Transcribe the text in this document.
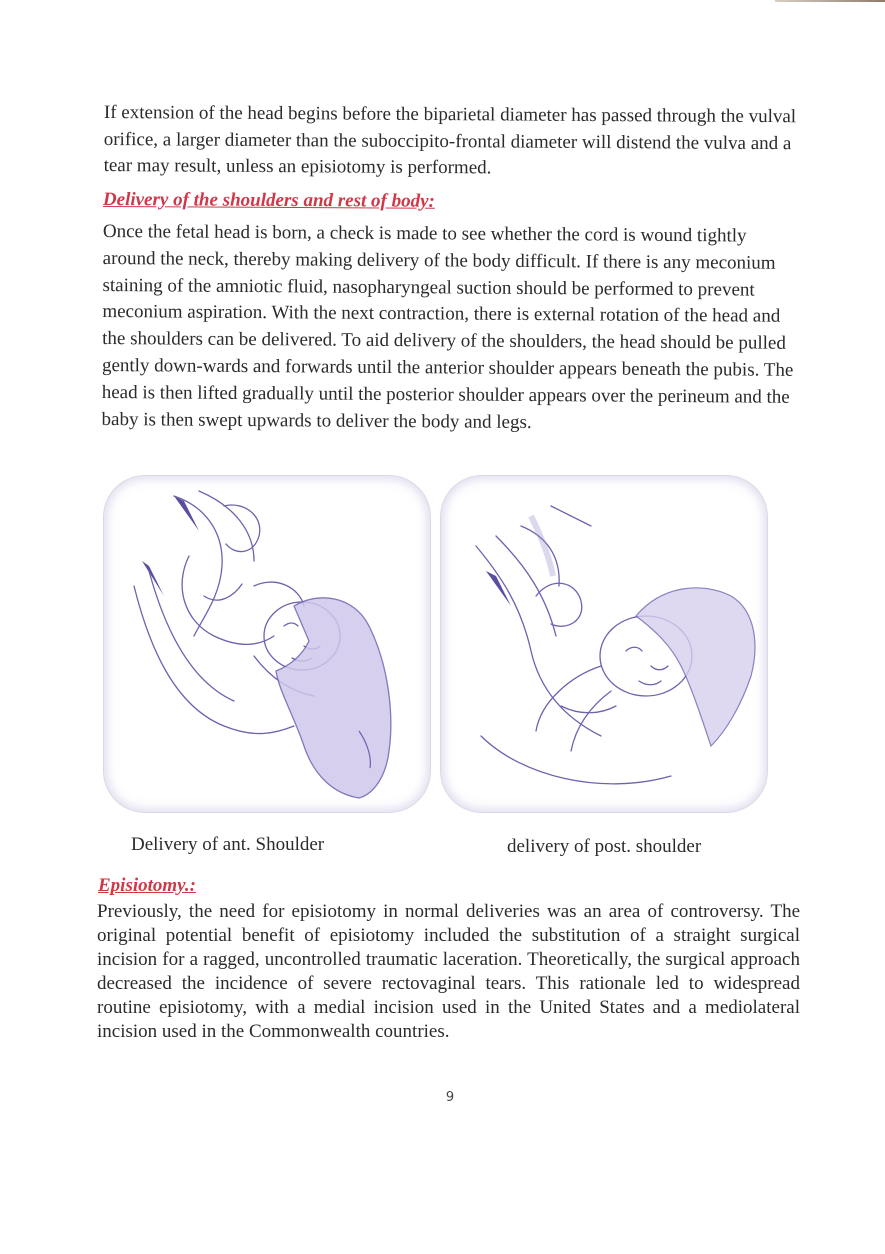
If extension of the head begins before the biparietal diameter has passed through the vulval orifice, a larger diameter than the suboccipito-frontal diameter will distend the vulva and a tear may result, unless an episiotomy is performed.

Delivery of the shoulders and rest of body:

Once the fetal head is born, a check is made to see whether the cord is wound tightly around the neck, thereby making delivery of the body difficult. If there is any meconium staining of the amniotic fluid, nasopharyngeal suction should be performed to prevent meconium aspiration. With the next contraction, there is external rotation of the head and the shoulders can be delivered. To aid delivery of the shoulders, the head should be pulled gently down-wards and forwards until the anterior shoulder appears beneath the pubis. The head is then lifted gradually until the posterior shoulder appears over the perineum and the baby is then swept upwards to deliver the body and legs.

Delivery of ant. Shoulder	delivery of post. shoulder

Episiotomy.:

Previously, the need for episiotomy in normal deliveries was an area of controversy. The original potential benefit of episiotomy included the substitution of a straight surgical incision for a ragged, uncontrolled traumatic laceration. Theoretically, the surgical approach decreased the incidence of severe rectovaginal tears. This rationale led to widespread routine episiotomy, with a medial incision used in the United States and a mediolateral incision used in the Commonwealth countries.

9
